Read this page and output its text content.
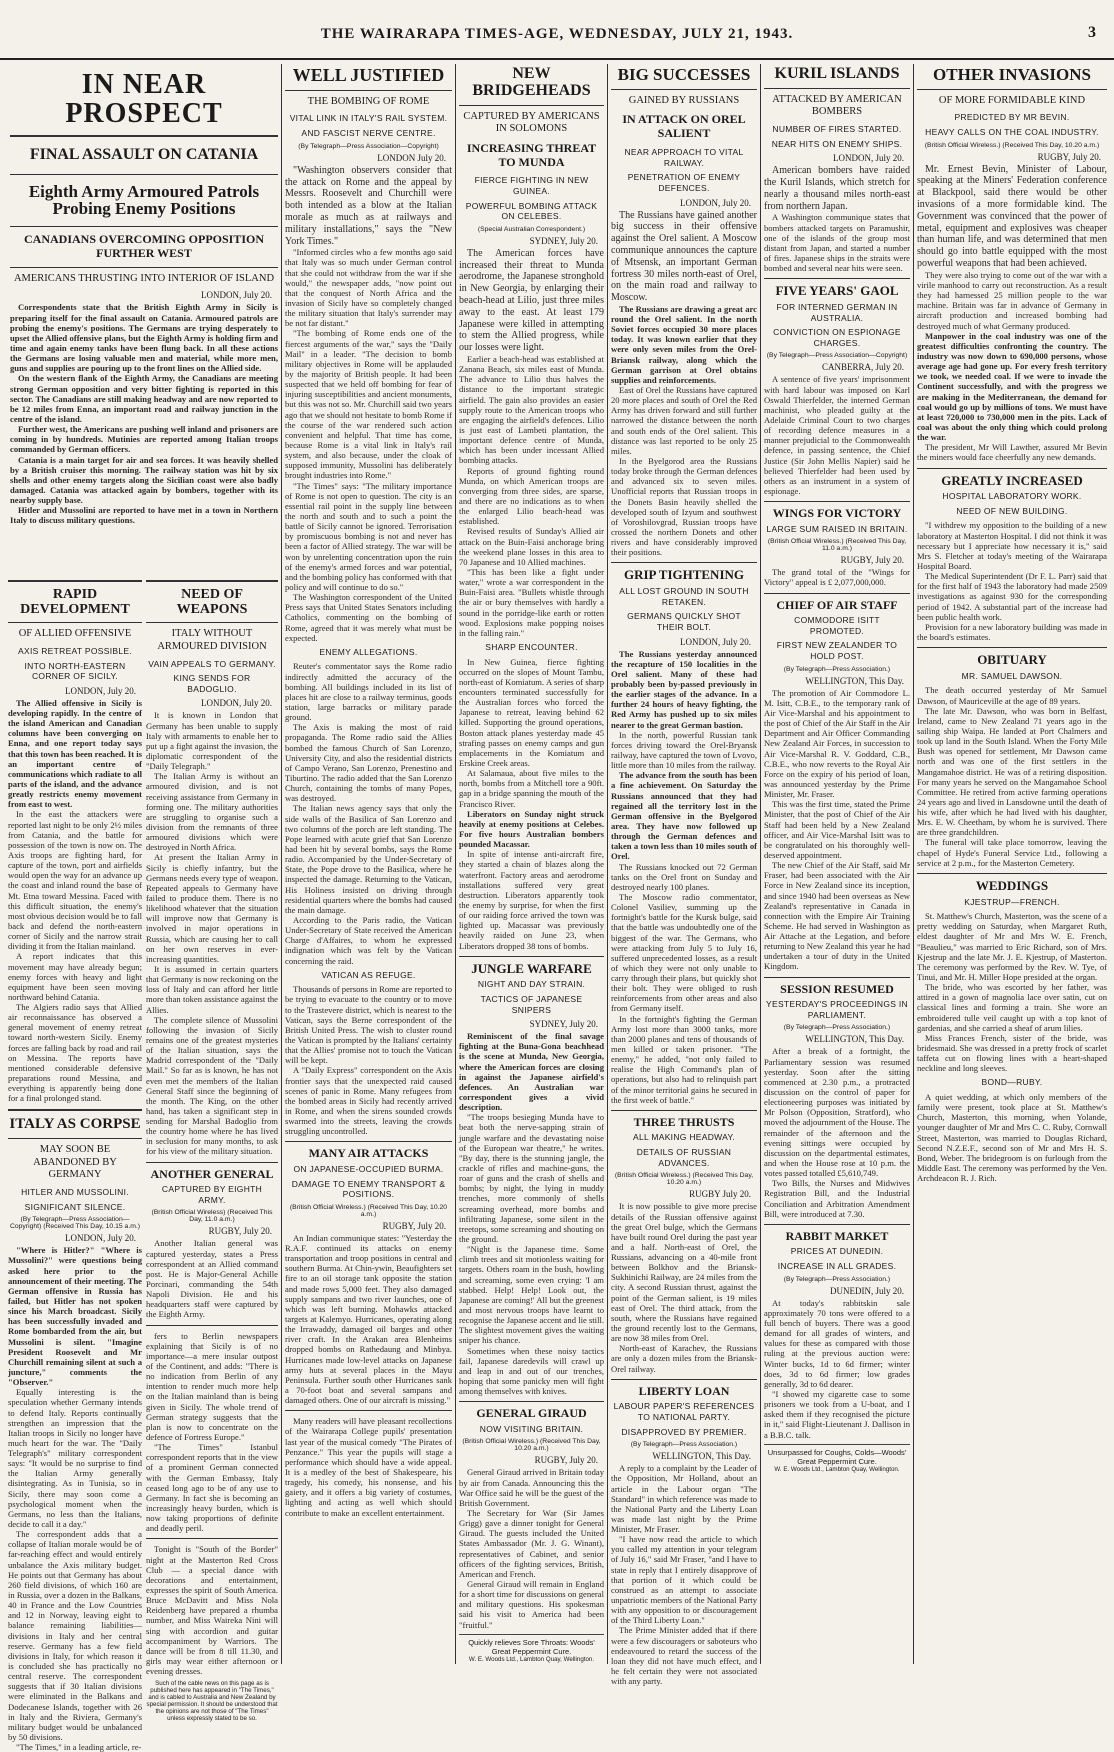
THE WAIRARAPA TIMES-AGE, WEDNESDAY, JULY 21, 1943.	3
IN NEAR PROSPECT
FINAL ASSAULT ON CATANIA
Eighth Army Armoured Patrols Probing Enemy Positions
CANADIANS OVERCOMING OPPOSITION FURTHER WEST
AMERICANS THRUSTING INTO INTERIOR OF ISLAND
LONDON, July 20.

Correspondents state that the British Eighth Army in Sicily is preparing itself for the final assault on Catania. Armoured patrols are probing the enemy's positions. The Germans are trying desperately to upset the Allied offensive plans, but the Eighth Army is holding firm and time and again enemy tanks have been flung back. In all these actions the Germans are losing valuable men and material, while more men, guns and supplies are pouring up to the front lines on the Allied side.

On the western flank of the Eighth Army, the Canadians are meeting strong German opposition and very bitter fighting is reported in this sector. The Canadians are still making headway and are now reported to be 12 miles from Enna, an important road and railway junction in the centre of the island.

Further west, the Americans are pushing well inland and prisoners are coming in by hundreds. Mutinies are reported among Italian troops commanded by German officers.

Catania is a main target for air and sea forces. It was heavily shelled by a British cruiser this morning. The railway station was hit by six shells and other enemy targets along the Sicilian coast were also badly damaged. Catania was attacked again by bombers, together with its nearby supply base.

Hitler and Mussolini are reported to have met in a town in Northern Italy to discuss military questions.

RAPID DEVELOPMENT
OF ALLIED OFFENSIVE
AXIS RETREAT POSSIBLE.
INTO NORTH-EASTERN CORNER OF SICILY.
LONDON, July 20.

The Allied offensive in Sicily is developing rapidly. In the centre of the island American and Canadian columns have been converging on Enna, and one report today says that this town has been reached. It is an important centre of communications which radiate to all parts of the island, and the advance greatly restricts enemy movement from east to west.

In the east the attackers were reported last night to be only 2½ miles from Catania, and the battle for possession of the town is now on. The Axis troops are fighting hard, for capture of the town, port and airfields would open the way for an advance up the coast and inland round the base of Mt. Etna toward Messina. Faced with this difficult situation, the enemy's most obvious decision would be to fall back and defend the north-eastern corner of Sicily and the narrow strait dividing it from the Italian mainland.

A report indicates that this movement may have already begun; enemy forces with heavy and light equipment have been seen moving northward behind Catania.

The Algiers radio says that Allied air reconnaissance has observed a general movement of enemy retreat toward north-western Sicily. Enemy forces are falling back by road and rail on Messina. The reports have mentioned considerable defensive preparations round Messina, and everything is apparently being done for a final prolonged stand.

ITALY AS CORPSE
MAY SOON BE ABANDONED BY GERMANY
HITLER AND MUSSOLINI.
SIGNIFICANT SILENCE.
(By Telegraph—Press Association—Copyright) (Received This Day, 10.15 a.m.)
LONDON, July 20.

"Where is Hitler?" "Where is Mussolini?" were questions being asked here prior to the announcement of their meeting. The German offensive in Russia has failed, but Hitler has not spoken since his March broadcast. Sicily has been successfully invaded and Rome bombarded from the air, but Mussolini is silent. "Imagine President Roosevelt and Mr Churchill remaining silent at such a juncture," comments the "Observer."

Equally interesting is the speculation whether Germany intends to defend Italy. Reports continually strengthen an impression that the Italian troops in Sicily no longer have much heart for the war. The "Daily Telegraph's" military correspondent says: "It would be no surprise to find the Italian Army generally disintegrating. As in Tunisia, so in Sicily, there may soon come a psychological moment when the Germans, no less than the Italians, decide to call it a day."

The correspondent adds that a collapse of Italian morale would be of far-reaching effect and would entirely unbalance the Axis military budget. He points out that Germany has about 260 field divisions, of which 160 are in Russia, over a dozen in the Balkans, 40 in France and the Low Countries and 12 in Norway, leaving eight to balance remaining liabilities—divisions in Italy and her central reserve. Germany has a few field divisions in Italy, for which reason it is concluded she has practically no central reserve. The correspondent suggests that if 30 Italian divisions were eliminated in the Balkans and Dodecanese Islands, together with 26 in Italy and the Riviera, Germany's military budget would be unbalanced by 50 divisions.

"The Times," in a leading article, re-

NEED OF WEAPONS
ITALY WITHOUT ARMOURED DIVISION
VAIN APPEALS TO GERMANY.
KING SENDS FOR BADOGLIO.
LONDON, July 20.

It is known in London that Germany has been unable to supply Italy with armaments to enable her to put up a fight against the invasion, the diplomatic correspondent of the "Daily Telegraph."

The Italian Army is without an armoured division, and is not receiving assistance from Germany in forming one. The military authorities are struggling to organise such a division from the remnants of three armoured divisions which were destroyed in North Africa.

At present the Italian Army in Sicily is chiefly infantry, but the Germans needs every type of weapon. Repeated appeals to Germany have failed to produce them. There is no likelihood whatever that the situation will improve now that Germany is involved in major operations in Russia, which are causing her to call on her own reserves in ever-increasing quantities.

It is assumed in certain quarters that Germany is now reckoning on the loss of Italy and can afford her little more than token assistance against the Allies.

The complete silence of Mussolini following the invasion of Sicily remains one of the greatest mysteries of the Italian situation, says the Madrid correspondent of the "Daily Mail." So far as is known, he has not even met the members of the Italian General Staff since the beginning of the month. The King, on the other hand, has taken a significant step in sending for Marshal Badoglio from the country home where he has lived in seclusion for many months, to ask for his view of the military situation.

ANOTHER GENERAL
CAPTURED BY EIGHTH ARMY.
(British Official Wireless) (Received This Day, 11.0 a.m.)
RUGBY, July 20.

Another Italian general was captured yesterday, states a Press correspondent at an Allied command post. He is Major-General Achille Porcinari, commanding the 54th Napoli Division. He and his headquarters staff were captured by the Eighth Army.

fers to Berlin newspapers explaining that Sicily is of no importance—a mere insular outpost of the Continent, and adds: "There is no indication from Berlin of any intention to render much more help on the Italian mainland than is being given in Sicily. The whole trend of German strategy suggests that the plan is now to concentrate on the defence of Fortress Europe."

"The Times" Istanbul correspondent reports that in the view of a prominent German connected with the German Embassy, Italy ceased long ago to be of any use to Germany. In fact she is becoming an increasingly heavy burden, which is now taking proportions of definite and deadly peril.

Tonight is "South of the Border" night at the Masterton Red Cross Club — a special dance with decorations and entertainment, expresses the spirit of South America. Bruce McDavitt and Miss Nola Reidenberg have prepared a rhumba number, and Miss Waireka Nini will sing with accordion and guitar accompaniment by Warriors. The dance will be from 8 till 11.30, and girls may wear either afternoon or evening dresses.

Such of the cable news on this page as is published here has appeared in "The Times," and is cabled to Australia and New Zealand by special permission. It should be understood that the opinions are not those of "The Times" unless expressly stated to be so.

WELL JUSTIFIED
THE BOMBING OF ROME
VITAL LINK IN ITALY'S RAIL SYSTEM.
AND FASCIST NERVE CENTRE.
(By Telegraph—Press Association—Copyright)
LONDON July 20.

"Washington observers consider that the attack on Rome and the appeal by Messrs. Roosevelt and Churchill were both intended as a blow at the Italian morale as much as at railways and military installations," says the "New York Times."

"Informed circles who a few months ago said that Italy was so much under German control that she could not withdraw from the war if she would," the newspaper adds, "now point out that the conquest of North Africa and the invasion of Sicily have so completely changed the military situation that Italy's surrender may be not far distant."

"The bombing of Rome ends one of the fiercest arguments of the war," says the "Daily Mail" in a leader. "The decision to bomb military objectives in Rome will be applauded by the majority of British people. It had been suspected that we held off bombing for fear of injuring susceptibilities and ancient monuments, but this was not so. Mr. Churchill said two years ago that we should not hesitate to bomb Rome if the course of the war rendered such action convenient and helpful. That time has come, because Rome is a vital link in Italy's rail system, and also because, under the cloak of supposed immunity, Mussolini has deliberately brought industries into Rome."

"The Times" says: "The military importance of Rome is not open to question. The city is an essential rail point in the supply line between the north and south and to such a point the battle of Sicily cannot be ignored. Terrorisation by promiscuous bombing is not and never has been a factor of Allied strategy. The war will be won by unrelenting concentration upon the ruin of the enemy's armed forces and war potential, and the bombing policy has conformed with that policy and will continue to do so."

The Washington correspondent of the United Press says that United States Senators including Catholics, commenting on the bombing of Rome, agreed that it was merely what must be expected.

ENEMY ALLEGATIONS.

Reuter's commentator says the Rome radio indirectly admitted the accuracy of the bombing. All buildings included in its list of places hit are close to a railway terminus, goods station, large barracks or military parade ground.

The Axis is making the most of raid propaganda. The Rome radio said the Allies bombed the famous Church of San Lorenzo, University City, and also the residential districts of Campo Verano, San Lorenzo, Prenestino and Tiburtino. The radio added that the San Lorenzo Church, containing the tombs of many Popes, was destroyed.

The Italian news agency says that only the side walls of the Basilica of San Lorenzo and two columns of the porch are left standing. The Pope learned with acute grief that San Lorenzo had been hit by several bombs, says the Rome radio. Accompanied by the Under-Secretary of State, the Pope drove to the Basilica, where he inspected the damage. Returning to the Vatican, His Holiness insisted on driving through residential quarters where the bombs had caused the main damage.

According to the Paris radio, the Vatican Under-Secretary of State received the American Charge d'Affaires, to whom he expressed indignation which was felt by the Vatican concerning the raid.

VATICAN AS REFUGE.

Thousands of persons in Rome are reported to be trying to evacuate to the country or to move to the Trastevere district, which is nearest to the Vatican, says the Berne correspondent of the British United Press. The wish to cluster round the Vatican is prompted by the Italians' certainty that the Allies' promise not to touch the Vatican will be kept.

A "Daily Express" correspondent on the Axis frontier says that the unexpected raid caused scenes of panic in Rome. Many refugees from the bombed areas in Sicily had recently arrived in Rome, and when the sirens sounded crowds swarmed into the streets, leaving the crowds struggling uncontrolled.

MANY AIR ATTACKS
ON JAPANESE-OCCUPIED BURMA.
DAMAGE TO ENEMY TRANSPORT & POSITIONS.
(British Official Wireless.) (Received This Day, 10.20 a.m.)
RUGBY, July 20.

An Indian communique states: "Yesterday the R.A.F. continued its attacks on enemy transportation and troop positions in central and southern Burma. At Chin-ywin, Beaufighters set fire to an oil storage tank opposite the station and made rows 5,000 feet. They also damaged supply sampans and two river launches, one of which was left burning. Mohawks attacked targets at Kalemyo. Hurricanes, operating along the Irrawaddy, damaged oil barges and other river craft. In the Arakan area Blenheims dropped bombs on Rathedaung and Minbya. Hurricanes made low-level attacks on Japanese army huts at several places in the Mayu Peninsula. Further south other Hurricanes sank a 70-foot boat and several sampans and damaged others. One of our aircraft is missing."

Many readers will have pleasant recollections of the Wairarapa College pupils' presentation last year of the musical comedy "The Pirates of Penzance." This year the pupils will stage a performance which should have a wide appeal. It is a medley of the best of Shakespeare, his tragedy, his comedy, his nonsense, and his gaiety, and it offers a big variety of costumes, lighting and acting as well which should contribute to make an excellent entertainment.

NEW BRIDGEHEADS
CAPTURED BY AMERICANS IN SOLOMONS
INCREASING THREAT TO MUNDA
FIERCE FIGHTING IN NEW GUINEA.
POWERFUL BOMBING ATTACK ON CELEBES.
(Special Australian Correspondent.)
SYDNEY, July 20.

The American forces have increased their threat to Munda aerodrome, the Japanese stronghold in New Georgia, by enlarging their beach-head at Lilio, just three miles away to the east. At least 179 Japanese were killed in attempting to stem the Allied progress, while our losses were light.

Earlier a beach-head was established at Zanana Beach, six miles east of Munda. The advance to Lilio thus halves the distance to the important strategic airfield. The gain also provides an easier supply route to the American troops who are engaging the airfield's defences. Lilio is just east of Lambeti plantation, the important defence centre of Munda, which has been under incessant Allied bombing attacks.

Reports of ground fighting round Munda, on which American troops are converging from three sides, are sparse, and there are no indications as to when the enlarged Lilio beach-head was established.

Revised results of Sunday's Allied air attack on the Buin-Faisi anchorage bring the weekend plane losses in this area to 70 Japanese and 10 Allied machines.

"This has been like a fight under water," wrote a war correspondent in the Buin-Faisi area. "Bullets whistle through the air or bury themselves with hardly a sound in the porridge-like earth or rotten wood. Explosions make popping noises in the falling rain."

SHARP ENCOUNTER.

In New Guinea, fierce fighting occurred on the slopes of Mount Tambu, north-east of Komiatum. A series of sharp encounters terminated successfully for the Australian forces who forced the Japanese to retreat, leaving behind 62 killed. Supporting the ground operations, Boston attack planes yesterday made 45 strafing passes on enemy camps and gun emplacements in the Komiatum and Erskine Creek areas.

At Salamaua, about five miles to the north, bombs from a Mitchell tore a 90ft. gap in a bridge spanning the mouth of the Francisco River.

Liberators on Sunday night struck heavily at enemy positions at Celebes. For five hours Australian bombers pounded Macassar.

In spite of intense anti-aircraft fire, they started a chain of blazes along the waterfront. Factory areas and aerodrome installations suffered very great destruction. Liberators apparently took the enemy by surprise, for when the first of our raiding force arrived the town was lighted up. Macassar was previously heavily raided on June 23, when Liberators dropped 38 tons of bombs.

JUNGLE WARFARE
NIGHT AND DAY STRAIN.
TACTICS OF JAPANESE SNIPERS
SYDNEY, July 20.

Reminiscent of the final savage fighting at the Buna-Gona beachhead is the scene at Munda, New Georgia, where the American forces are closing in against the Japanese airfield's defences. An Australian war correspondent gives a vivid description.

"The troops besieging Munda have to beat both the nerve-sapping strain of jungle warfare and the devastating noise of the European war theatre," he writes. "By day, there is the stunning jangle, the crackle of rifles and machine-guns, the roar of guns and the crash of shells and bombs; by night, the lying in muddy trenches, more commonly of shells screaming overhead, more bombs and infiltrating Japanese, some silent in the treetops, some screaming and shouting on the ground.

"Night is the Japanese time. Some climb trees and sit motionless waiting for targets. Others roam in the bush, howling and screaming, some even crying: 'I am stabbed. Help! Help! Look out, the Japanese are coming!' All but the greenest and most nervous troops have learnt to recognise the Japanese accent and lie still. The slightest movement gives the waiting sniper his chance.

Sometimes when these noisy tactics fail, Japanese daredevils will crawl up and leap in and out of our trenches, hoping that some panicky men will fight among themselves with knives.

GENERAL GIRAUD
NOW VISITING BRITAIN.
(British Official Wireless.) (Received This Day, 10.20 a.m.)
RUGBY, July 20.

General Giraud arrived in Britain today by air from Canada. Announcing this the War Office said he will be the guest of the British Government.

The Secretary for War (Sir James Grigg) gave a dinner tonight for General Giraud. The guests included the United States Ambassador (Mr. J. G. Winant), representatives of Cabinet, and senior officers of the fighting services, British, American and French.

General Giraud will remain in England for a short time for discussions on general and military questions. His spokesman said his visit to America had been "fruitful."

Quickly relieves Sore Throats: Woods' Great Peppermint Cure.
W. E. Woods Ltd., Lambton Quay, Wellington.
BIG SUCCESSES
GAINED BY RUSSIANS
IN ATTACK ON OREL SALIENT
NEAR APPROACH TO VITAL RAILWAY.
PENETRATION OF ENEMY DEFENCES.
LONDON, July 20.

The Russians have gained another big success in their offensive against the Orel salient. A Moscow communique announces the capture of Mtsensk, an important German fortress 30 miles north-east of Orel, on the main road and railway to Moscow.

The Russians are drawing a great arc round the Orel salient. In the north Soviet forces occupied 30 more places today. It was known earlier that they were only seven miles from the Orel-Briansk railway, along which the German garrison at Orel obtains supplies and reinforcements.

East of Orel the Russians have captured 20 more places and south of Orel the Red Army has driven forward and still further narrowed the distance between the north and south ends of the Orel salient. This distance was last reported to be only 25 miles.

In the Byelgorod area the Russians today broke through the German defences and advanced six to seven miles. Unofficial reports that Russian troops in the Donets Basin heavily shelled the developed south of Izyum and southwest of Voroshilovgrad, Russian troops have crossed the northern Donets and other rivers and have considerably improved their positions.

GRIP TIGHTENING
ALL LOST GROUND IN SOUTH RETAKEN.
GERMANS QUICKLY SHOT THEIR BOLT.
LONDON, July 20.

The Russians yesterday announced the recapture of 150 localities in the Orel salient. Many of these had probably been by-passed previously in the earlier stages of the advance. In a further 24 hours of heavy fighting, the Red Army has pushed up to six miles nearer to the great German bastion.

In the north, powerful Russian tank forces driving toward the Orel-Bryansk railway, have captured the town of Lvovo, little more than 10 miles from the railway.

The advance from the south has been a fine achievement. On Saturday the Russians announced that they had regained all the territory lost in the German offensive in the Byelgorod area. They have now followed up through the German defences and taken a town less than 10 miles south of Orel.

The Russians knocked out 72 German tanks on the Orel front on Sunday and destroyed nearly 100 planes.

The Moscow radio commentator, Colonel Vasiliev, summing up the fortnight's battle for the Kursk bulge, said that the battle was undoubtedly one of the biggest of the war. The Germans, who were attacking from July 5 to July 16, suffered unprecedented losses, as a result of which they were not only unable to carry through their plans, but quickly shot their bolt. They were obliged to rush reinforcements from other areas and also from Germany itself.

In the fortnight's fighting the German Army lost more than 3000 tanks, more than 2000 planes and tens of thousands of men killed or taken prisoner. "The enemy," he added, "not only failed to realise the High Command's plan of operations, but also had to relinquish part of the minor territorial gains he secured in the first week of battle."

THREE THRUSTS
ALL MAKING HEADWAY.
DETAILS OF RUSSIAN ADVANCES.
(British Official Wireless.) (Received This Day, 10.20 a.m.)
RUGBY July 20.

It is now possible to give more precise details of the Russian offensive against the great Orel bulge, which the Germans have built round Orel during the past year and a half. North-east of Orel, the Russians, advancing on a 40-mile front between Bolkhov and the Briansk-Sukhinichi Railway, are 24 miles from the city. A second Russian thrust, against the point of the German salient, is 19 miles east of Orel. The third attack, from the south, where the Russians have regained the ground recently lost to the Germans, are now 38 miles from Orel.

North-east of Karachev, the Russians are only a dozen miles from the Briansk-Orel railway.

LIBERTY LOAN
LABOUR PAPER'S REFERENCES TO NATIONAL PARTY.
DISAPPROVED BY PREMIER.
(By Telegraph—Press Association.)
WELLINGTON, This Day.

A reply to a complaint by the Leader of the Opposition, Mr Holland, about an article in the Labour organ "The Standard" in which reference was made to the National Party and the Liberty Loan was made last night by the Prime Minister, Mr Fraser.

"I have now read the article to which you called my attention in your telegram of July 16," said Mr Fraser, "and I have to state in reply that I entirely disapprove of that portion of it which could be construed as an attempt to associate unpatriotic members of the National Party with any opposition to or discouragement of the Third Liberty Loan."

The Prime Minister added that if there were a few discouragers or saboteurs who endeavoured to retard the success of the loan they did not have much effect, and he felt certain they were not associated with any party.

KURIL ISLANDS
ATTACKED BY AMERICAN BOMBERS
NUMBER OF FIRES STARTED.
NEAR HITS ON ENEMY SHIPS.
LONDON, July 20.

American bombers have raided the Kuril Islands, which stretch for nearly a thousand miles north-east from northern Japan.

A Washington communique states that bombers attacked targets on Paramushir, one of the islands of the group most distant from Japan, and started a number of fires. Japanese ships in the straits were bombed and several near hits were seen.

FIVE YEARS' GAOL
FOR INTERNED GERMAN IN AUSTRALIA.
CONVICTION ON ESPIONAGE CHARGES.
(By Telegraph—Press Association—Copyright)
CANBERRA, July 20.

A sentence of five years' imprisonment with hard labour was imposed on Karl Oswald Thierfelder, the interned German machinist, who pleaded guilty at the Adelaide Criminal Court to two charges of recording defence measures in a manner prejudicial to the Commonwealth defence, in passing sentence, the Chief Justice (Sir John Mellis Napier) said he believed Thierfelder had been used by others as an instrument in a system of espionage.

WINGS FOR VICTORY
LARGE SUM RAISED IN BRITAIN.
(British Official Wireless.) (Received This Day, 11.0 a.m.)
RUGBY, July 20.

The grand total of the "Wings for Victory" appeal is £ 2,077,000,000.

CHIEF OF AIR STAFF
COMMODORE ISITT PROMOTED.
FIRST NEW ZEALANDER TO HOLD POST.
(By Telegraph—Press Association.)
WELLINGTON, This Day.

The promotion of Air Commodore L. M. Isitt, C.B.E., to the temporary rank of Air Vice-Marshal and his appointment to the post of Chief of the Air Staff in the Air Department and Air Officer Commanding New Zealand Air Forces, in succession to Air Vice-Marshal R. V. Goddard, C.B., C.B.E., who now reverts to the Royal Air Force on the expiry of his period of loan, was announced yesterday by the Prime Minister, Mr. Fraser.

This was the first time, stated the Prime Minister, that the post of Chief of the Air Staff had been held by a New Zealand officer, and Air Vice-Marshal Isitt was to be congratulated on his thoroughly well-deserved appointment.

The new Chief of the Air Staff, said Mr Fraser, had been associated with the Air Force in New Zealand since its inception, and since 1940 had been overseas as New Zealand's representative in Canada in connection with the Empire Air Training Scheme. He had served in Washington as Air Attache at the Legation, and before returning to New Zealand this year he had undertaken a tour of duty in the United Kingdom.

SESSION RESUMED
YESTERDAY'S PROCEEDINGS IN PARLIAMENT.
(By Telegraph—Press Association.)
WELLINGTON, This Day.

After a break of a fortnight, the Parliamentary session was resumed yesterday. Soon after the sitting commenced at 2.30 p.m., a protracted discussion on the control of paper for electioneering purposes was initiated by Mr Polson (Opposition, Stratford), who moved the adjournment of the House. The remainder of the afternoon and the evening sittings were occupied by discussion on the departmental estimates, and when the House rose at 10 p.m. the votes passed totalled £5,610,749.

Two Bills, the Nurses and Midwives Registration Bill, and the Industrial Conciliation and Arbitration Amendment Bill, were introduced at 7.30.

RABBIT MARKET
PRICES AT DUNEDIN.
INCREASE IN ALL GRADES.
(By Telegraph—Press Association.)
DUNEDIN, July 20.

At today's rabbitskin sale approximately 70 tons were offered to a full bench of buyers. There was a good demand for all grades of winters, and values for these as compared with those ruling at the previous auction were: Winter bucks, 1d to 6d firmer; winter does, 3d to 6d firmer; low grades generally, 3d to 6d dearer.

"I showed my cigarette case to some prisoners we took from a U-boat, and I asked them if they recognised the picture in it," said Flight-Lieutenant J. Dallison in a B.B.C. talk.

Unsurpassed for Coughs, Colds—Woods' Great Peppermint Cure.
W. E. Woods Ltd., Lambton Quay, Wellington.
OTHER INVASIONS
OF MORE FORMIDABLE KIND
PREDICTED BY MR BEVIN.
HEAVY CALLS ON THE COAL INDUSTRY.
(British Official Wireless.) (Received This Day, 10.20 a.m.)
RUGBY, July 20.

Mr. Ernest Bevin, Minister of Labour, speaking at the Miners' Federation conference at Blackpool, said there would be other invasions of a more formidable kind. The Government was convinced that the power of metal, equipment and explosives was cheaper than human life, and was determined that men should go into battle equipped with the most powerful weapons that had been achieved.

They were also trying to come out of the war with a virile manhood to carry out reconstruction. As a result they had harnessed 25 million people to the war machine. Britain was far in advance of Germany in aircraft production and increased bombing had destroyed much of what Germany produced.

Manpower in the coal industry was one of the greatest difficulties confronting the country. The industry was now down to 690,000 persons, whose average age had gone up. For every fresh territory we took, we needed coal. If we were to invade the Continent successfully, and with the progress we are making in the Mediterranean, the demand for coal would go up by millions of tons. We must have at least 720,000 to 730,000 men in the pits. Lack of coal was about the only thing which could prolong the war.

The president, Mr Will Lawther, assured Mr Bevin the miners would face cheerfully any new demands.

GREATLY INCREASED
HOSPITAL LABORATORY WORK.
NEED OF NEW BUILDING.

"I withdrew my opposition to the building of a new laboratory at Masterton Hospital. I did not think it was necessary but I appreciate how necessary it is," said Mrs S. Fletcher at today's meeting of the Wairarapa Hospital Board.

The Medical Superintendent (Dr F. L. Parr) said that for the first half of 1943 the laboratory had made 2509 investigations as against 930 for the corresponding period of 1942. A substantial part of the increase had been public health work.

Provision for a new laboratory building was made in the board's estimates.

OBITUARY
MR. SAMUEL DAWSON.

The death occurred yesterday of Mr Samuel Dawson, of Mauriceville at the age of 89 years.

The late Mr. Dawson, who was born in Belfast, Ireland, came to New Zealand 71 years ago in the sailing ship Waipa. He landed at Port Chalmers and took up land in the South Island. When the Forty Mile Bush was opened for settlement, Mr Dawson came north and was one of the first settlers in the Mangamahoe district. He was of a retiring disposition. For many years he served on the Mangamahoe School Committee. He retired from active farming operations 24 years ago and lived in Lansdowne until the death of his wife, after which he had lived with his daughter, Mrs. E. W. Cheetham, by whom he is survived. There are three grandchildren.

The funeral will take place tomorrow, leaving the chapel of Hyde's Funeral Service Ltd., following a service at 2 p.m., for the Masterton Cemetery.

WEDDINGS
KJESTRUP—FRENCH.

St. Matthew's Church, Masterton, was the scene of a pretty wedding on Saturday, when Margaret Ruth, eldest daughter of Mr and Mrs W. E. French, "Beaulieu," was married to Eric Richard, son of Mrs. Kjestrup and the late Mr. J. E. Kjestrup, of Masterton. The ceremony was performed by the Rev. W. Tye, of Tinui, and Mr. H. Miller Hope presided at the organ.

The bride, who was escorted by her father, was attired in a gown of magnolia lace over satin, cut on classical lines and forming a train. She wore an embroidered tulle veil caught up with a top knot of gardenias, and she carried a sheaf of arum lilies.

Miss Frances French, sister of the bride, was bridesmaid. She was dressed in a pretty frock of scarlet taffeta cut on flowing lines with a heart-shaped neckline and long sleeves.

BOND—RUBY.

A quiet wedding, at which only members of the family were present, took place at St. Matthew's Church, Masterton, this morning, when Yolande, younger daughter of Mr and Mrs C. C. Ruby, Cornwall Street, Masterton, was married to Douglas Richard, Second N.Z.E.F., second son of Mr and Mrs H. S. Bond, Weber. The bridegroom is on furlough from the Middle East. The ceremony was performed by the Ven. Archdeacon R. J. Rich.
